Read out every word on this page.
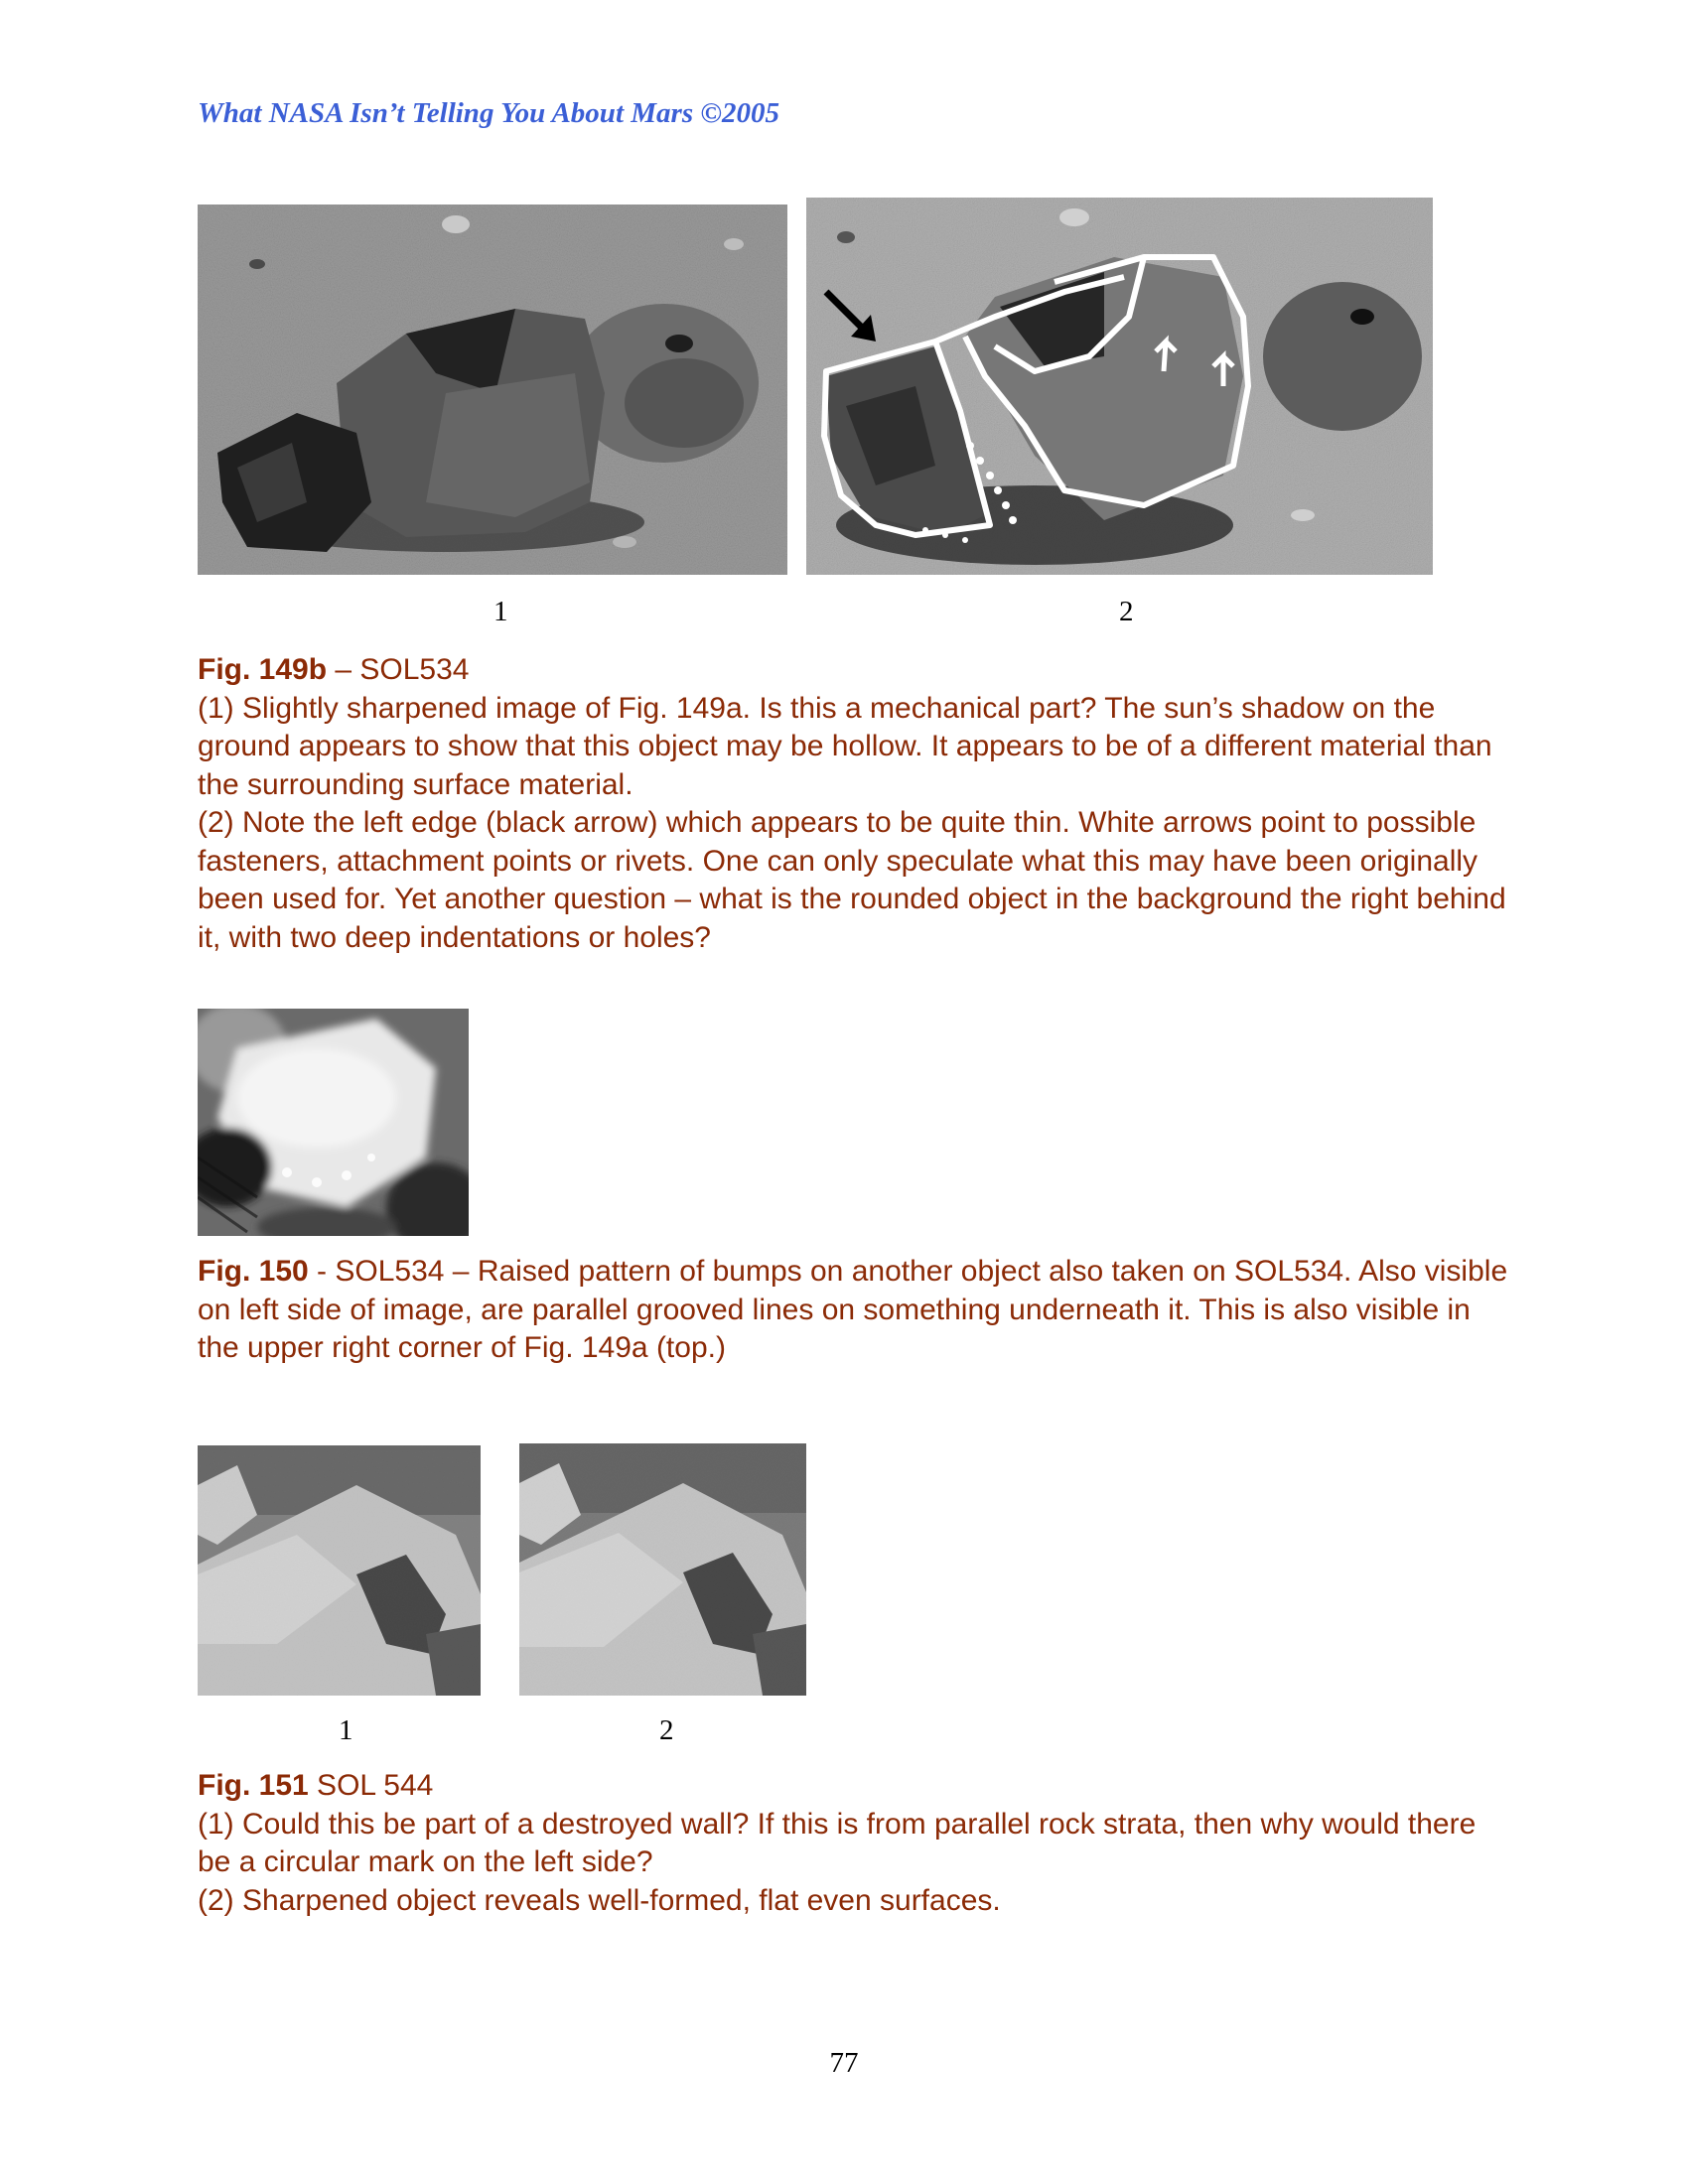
What NASA Isn’t Telling You About Mars ©2005
1	2

Fig. 149b – SOL534

(1) Slightly sharpened image of Fig. 149a. Is this a mechanical part? The sun’s shadow on the ground appears to show that this object may be hollow. It appears to be of a different material than the surrounding surface material.

(2) Note the left edge (black arrow) which appears to be quite thin. White arrows point to possible fasteners, attachment points or rivets. One can only speculate what this may have been originally been used for. Yet another question – what is the rounded object in the background the right behind it, with two deep indentations or holes?

Fig. 150 - SOL534 – Raised pattern of bumps on another object also taken on SOL534. Also visible on left side of image, are parallel grooved lines on something underneath it. This is also visible in the upper right corner of Fig. 149a (top.)

1	2

Fig. 151 SOL 544

(1) Could this be part of a destroyed wall? If this is from parallel rock strata, then why would there be a circular mark on the left side?

(2) Sharpened object reveals well-formed, flat even surfaces.

77
